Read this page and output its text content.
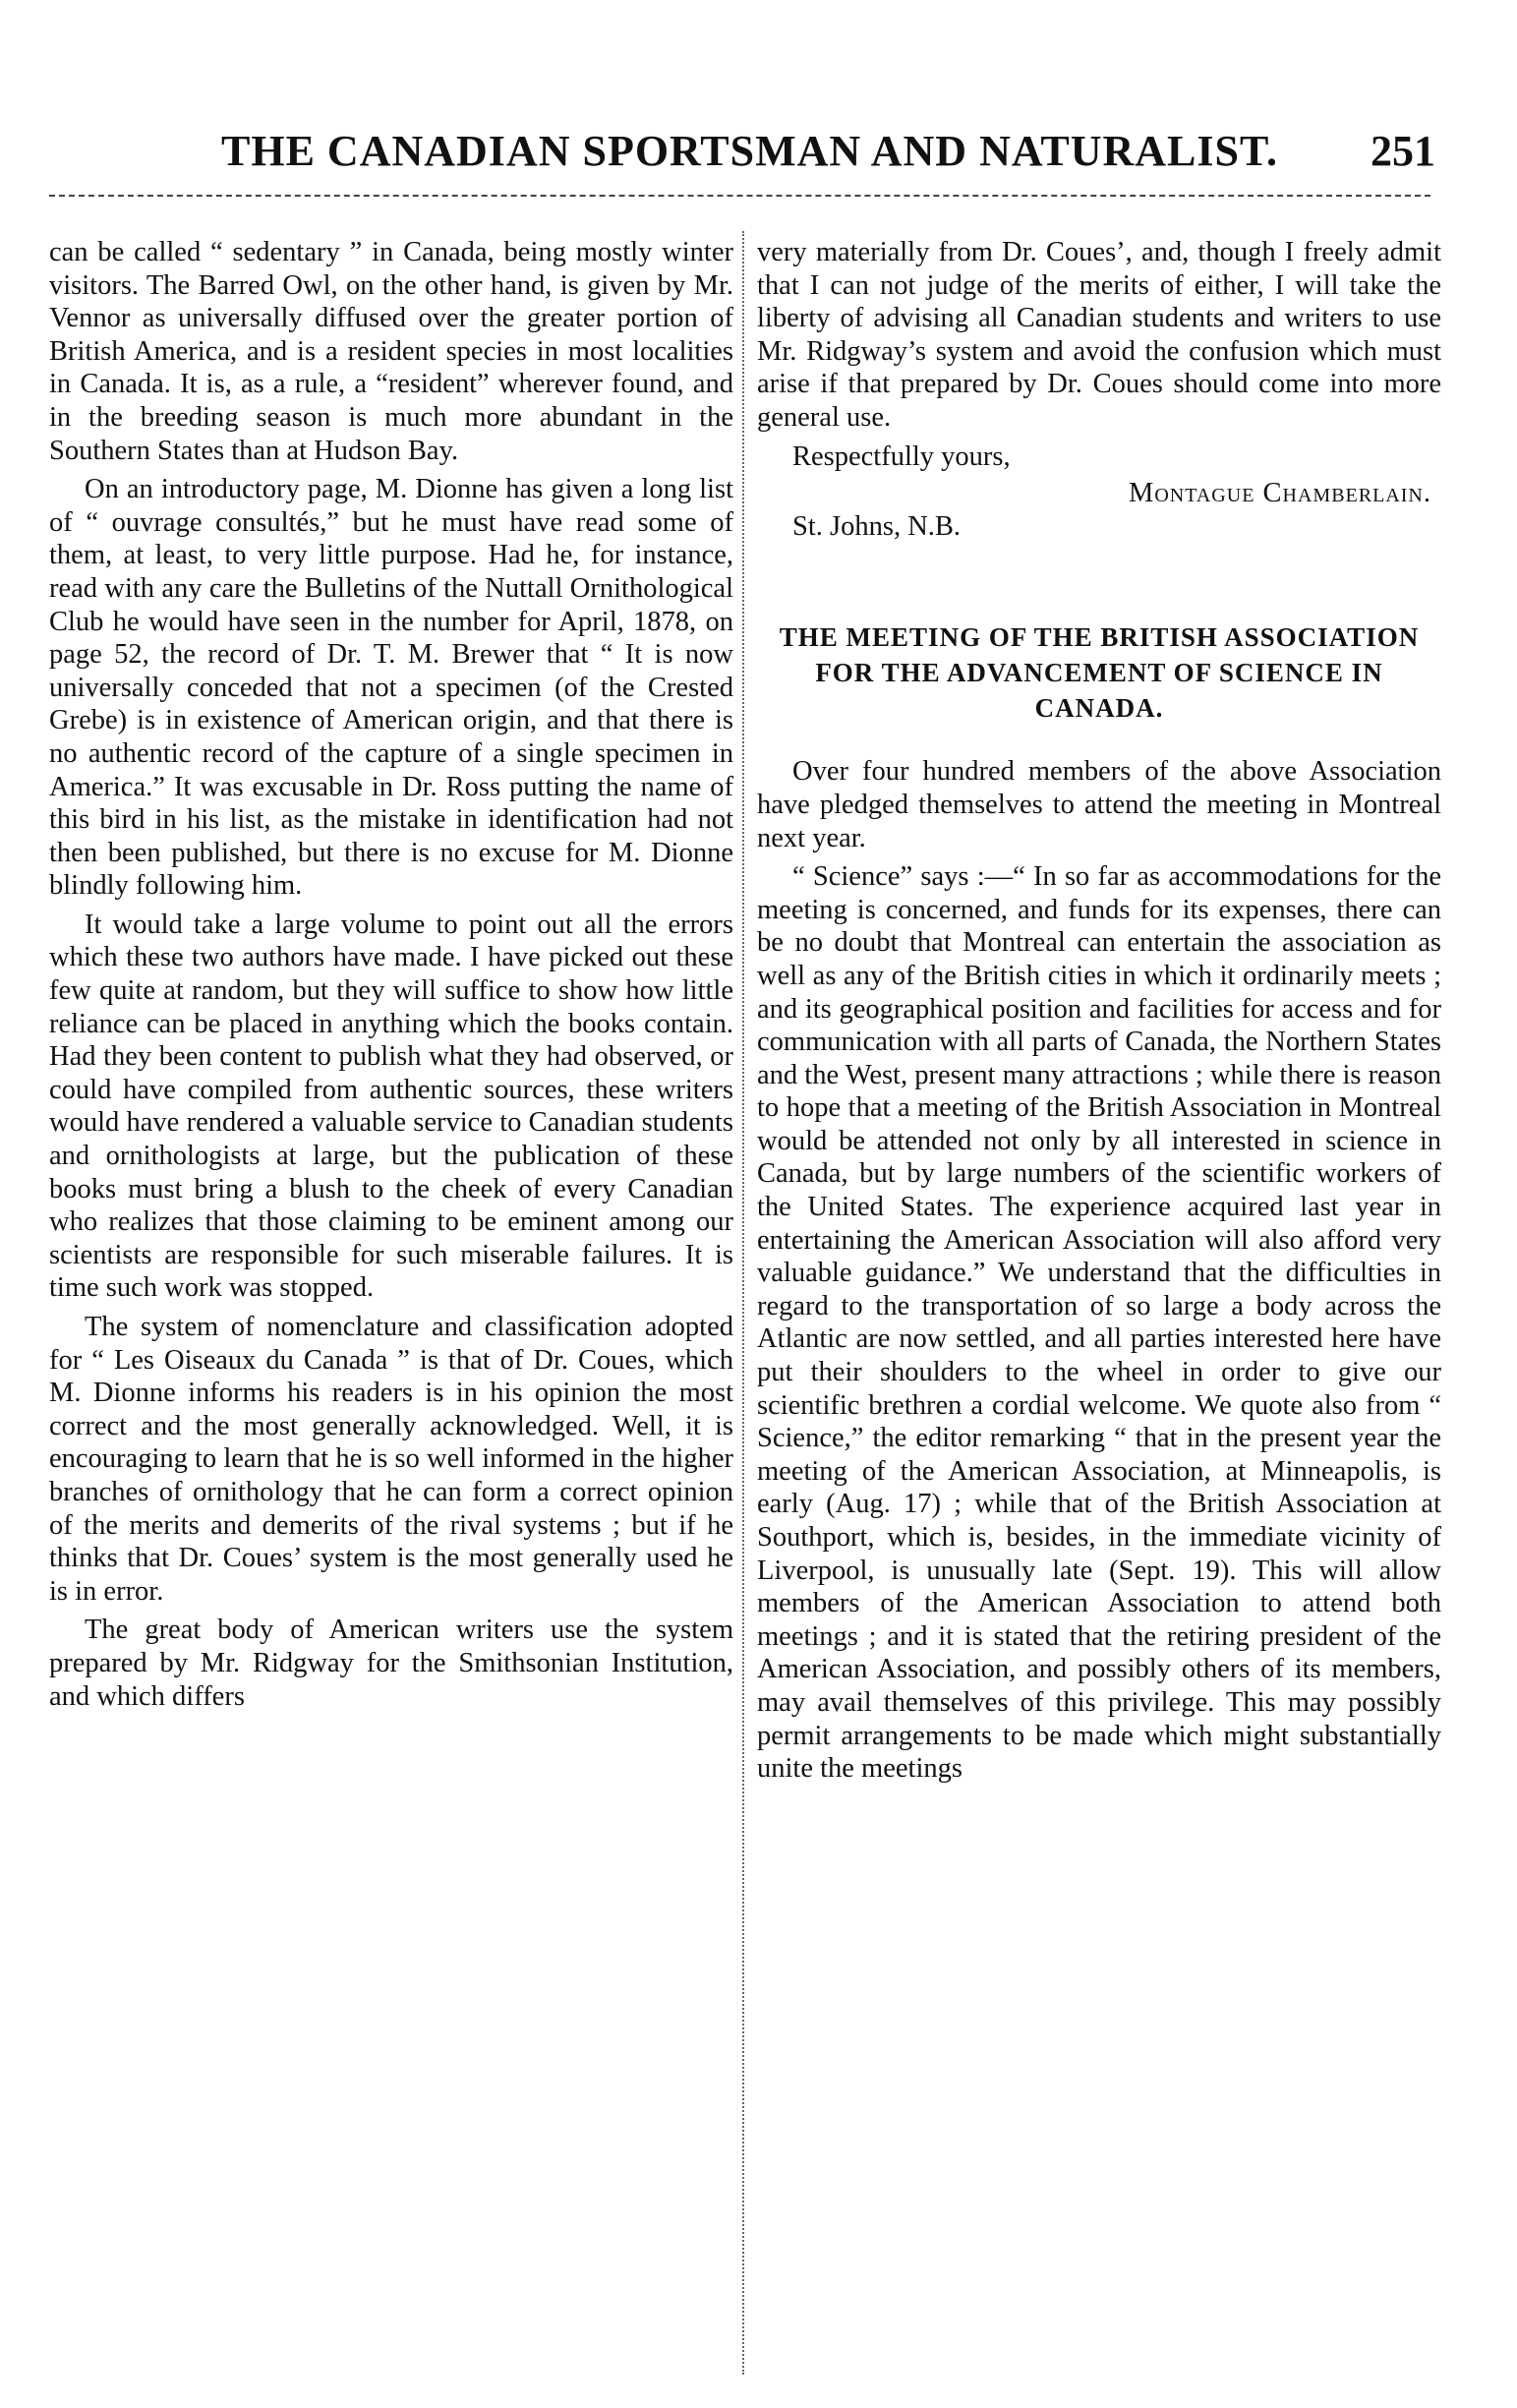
THE CANADIAN SPORTSMAN AND NATURALIST. 251

can be called “ sedentary ” in Canada, being mostly winter visitors. The Barred Owl, on the other hand, is given by Mr. Vennor as universally diffused over the greater portion of British America, and is a resident species in most localities in Canada. It is, as a rule, a “resident” wherever found, and in the breeding season is much more abundant in the Southern States than at Hudson Bay.

On an introductory page, M. Dionne has given a long list of “ ouvrage consultés,” but he must have read some of them, at least, to very little purpose. Had he, for instance, read with any care the Bulletins of the Nuttall Ornithological Club he would have seen in the number for April, 1878, on page 52, the record of Dr. T. M. Brewer that “ It is now universally conceded that not a specimen (of the Crested Grebe) is in existence of American origin, and that there is no authentic record of the capture of a single specimen in America.” It was excusable in Dr. Ross putting the name of this bird in his list, as the mistake in identification had not then been published, but there is no excuse for M. Dionne blindly following him.

It would take a large volume to point out all the errors which these two authors have made. I have picked out these few quite at random, but they will suffice to show how little reliance can be placed in anything which the books contain. Had they been content to publish what they had observed, or could have compiled from authentic sources, these writers would have rendered a valuable service to Canadian students and ornithologists at large, but the publication of these books must bring a blush to the cheek of every Canadian who realizes that those claiming to be eminent among our scientists are responsible for such miserable failures. It is time such work was stopped.

The system of nomenclature and classification adopted for “ Les Oiseaux du Canada ” is that of Dr. Coues, which M. Dionne informs his readers is in his opinion the most correct and the most generally acknowledged. Well, it is encouraging to learn that he is so well informed in the higher branches of ornithology that he can form a correct opinion of the merits and demerits of the rival systems ; but if he thinks that Dr. Coues’ system is the most generally used he is in error.

The great body of American writers use the system prepared by Mr. Ridgway for the Smithsonian Institution, and which differs

very materially from Dr. Coues’, and, though I freely admit that I can not judge of the merits of either, I will take the liberty of advising all Canadian students and writers to use Mr. Ridgway’s system and avoid the confusion which must arise if that prepared by Dr. Coues should come into more general use.

Respectfully yours,

Montague Chamberlain.

St. Johns, N.B.

THE MEETING OF THE BRITISH ASSOCIATION FOR THE ADVANCEMENT OF SCIENCE IN CANADA.

Over four hundred members of the above Association have pledged themselves to attend the meeting in Montreal next year.

“ Science” says :—“ In so far as accommodations for the meeting is concerned, and funds for its expenses, there can be no doubt that Montreal can entertain the association as well as any of the British cities in which it ordinarily meets ; and its geographical position and facilities for access and for communication with all parts of Canada, the Northern States and the West, present many attractions ; while there is reason to hope that a meeting of the British Association in Montreal would be attended not only by all interested in science in Canada, but by large numbers of the scientific workers of the United States. The experience acquired last year in entertaining the American Association will also afford very valuable guidance.” We understand that the difficulties in regard to the transportation of so large a body across the Atlantic are now settled, and all parties interested here have put their shoulders to the wheel in order to give our scientific brethren a cordial welcome. We quote also from “ Science,” the editor remarking “ that in the present year the meeting of the American Association, at Minneapolis, is early (Aug. 17) ; while that of the British Association at Southport, which is, besides, in the immediate vicinity of Liverpool, is unusually late (Sept. 19). This will allow members of the American Association to attend both meetings ; and it is stated that the retiring president of the American Association, and possibly others of its members, may avail themselves of this privilege. This may possibly permit arrangements to be made which might substantially unite the meetings
